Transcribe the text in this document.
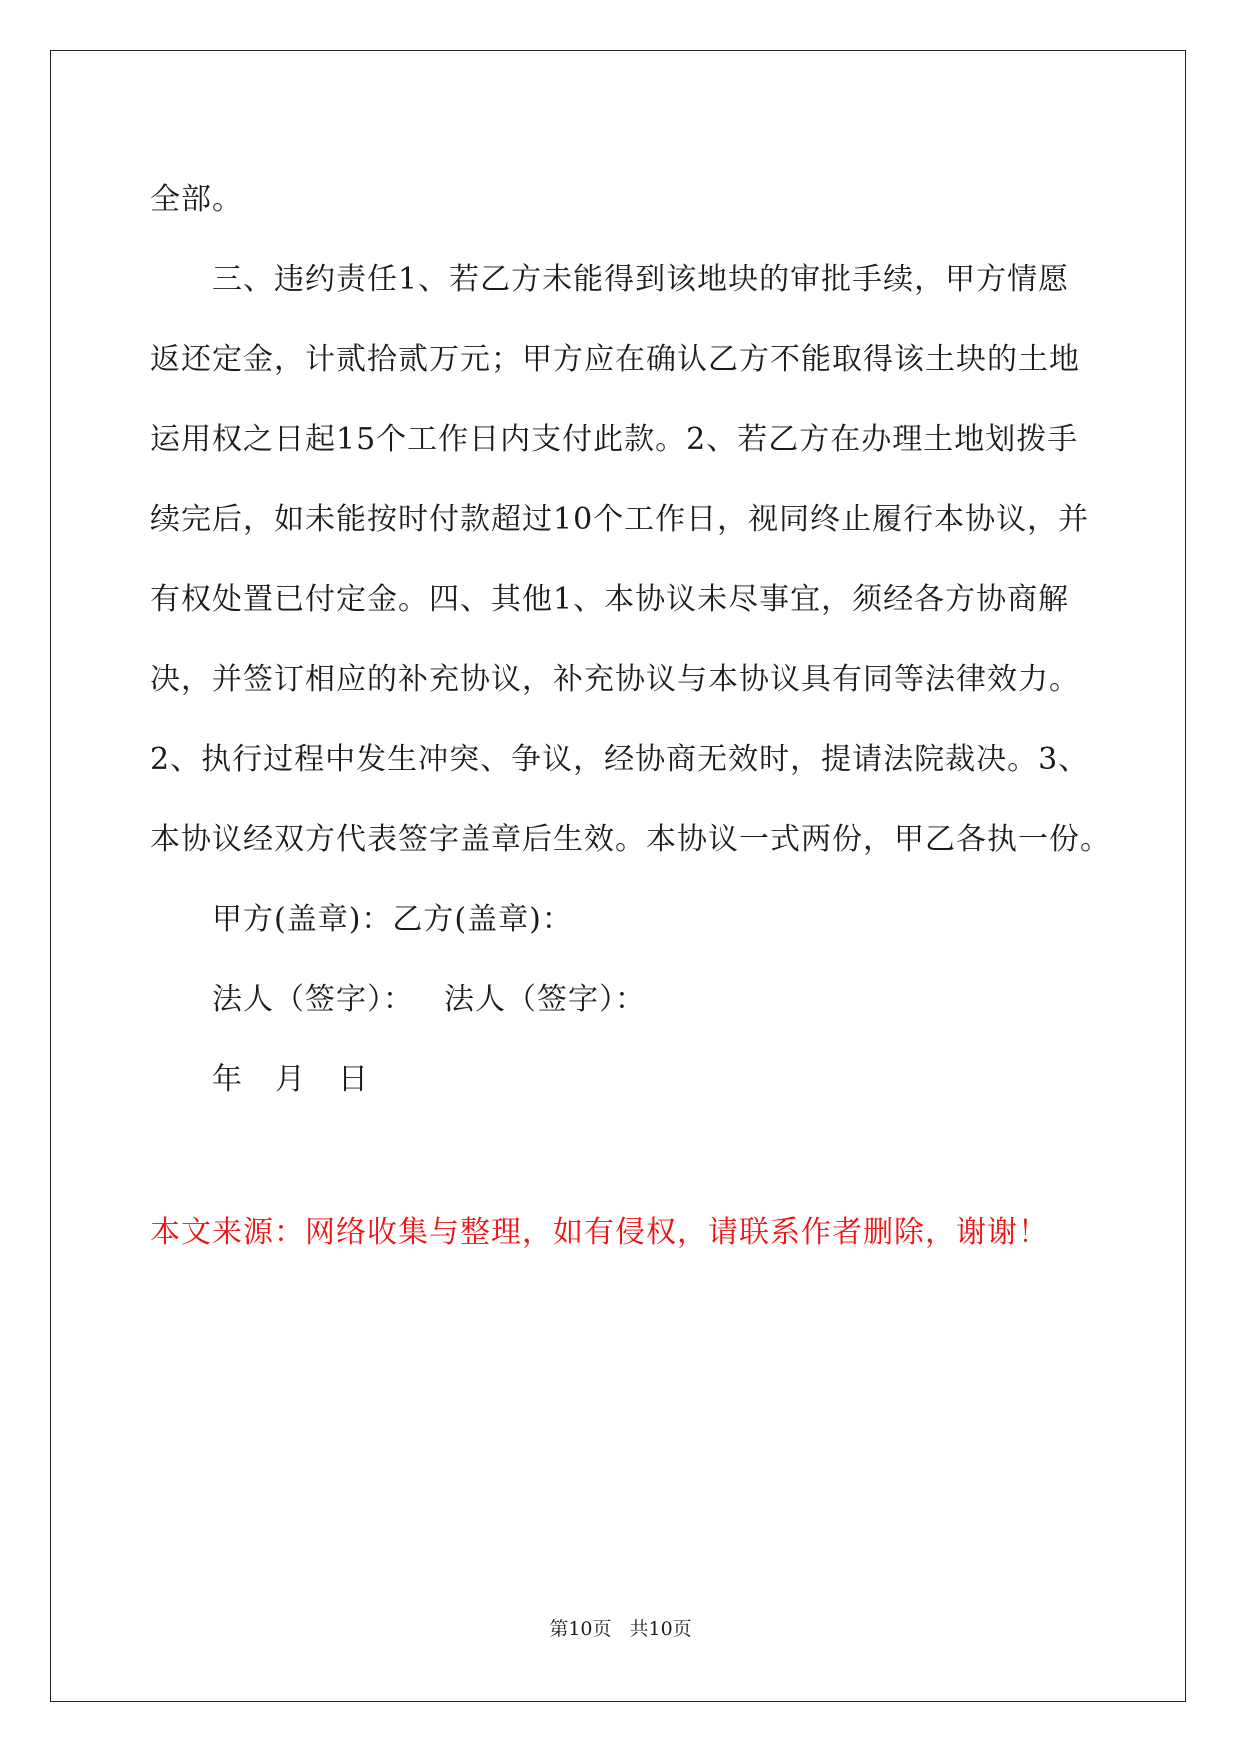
全部。
三、违约责任1、若乙方未能得到该地块的审批手续，甲方情愿
返还定金，计贰拾贰万元；甲方应在确认乙方不能取得该土块的土地
运用权之日起15个工作日内支付此款。2、若乙方在办理土地划拨手
续完后，如未能按时付款超过10个工作日，视同终止履行本协议，并
有权处置已付定金。四、其他1、本协议未尽事宜，须经各方协商解
决，并签订相应的补充协议，补充协议与本协议具有同等法律效力。
2、执行过程中发生冲突、争议，经协商无效时，提请法院裁决。3、
本协议经双方代表签字盖章后生效。本协议一式两份，甲乙各执一份。
甲方(盖章)：乙方(盖章)：
法人（签字）： 法人（签字）：
年 月 日
本文来源：网络收集与整理，如有侵权，请联系作者删除，谢谢！
第10页 共10页
